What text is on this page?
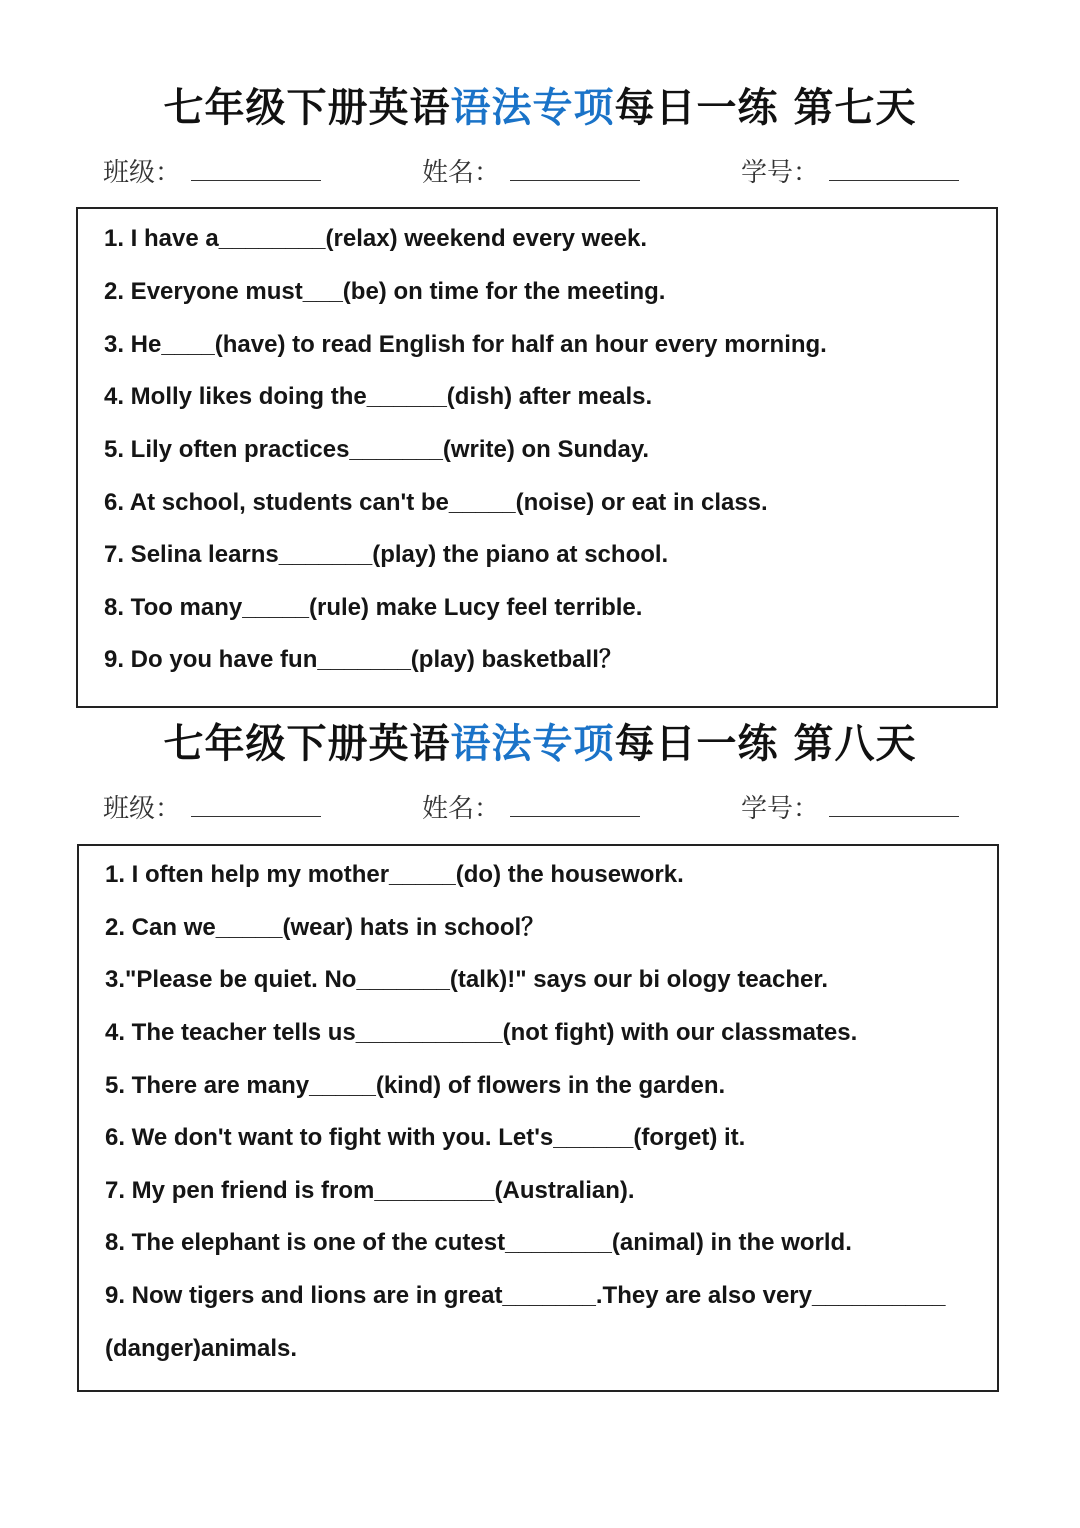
七年级下册英语语法专项每日一练 第七天
班级：	姓名：	学号：
1. I have a________(relax) weekend every week.
2. Everyone must___(be) on time for the meeting.
3. He____(have) to read English for half an hour every morning.
4. Molly likes doing the______(dish) after meals.
5. Lily often practices_______(write) on Sunday.
6. At school, students can't be_____(noise) or eat in class.
7. Selina learns_______(play) the piano at school.
8. Too many_____(rule) make Lucy feel terrible.
9. Do you have fun_______(play) basketball？
七年级下册英语语法专项每日一练 第八天
班级：	姓名：	学号：
1. I often help my mother_____(do) the housework.
2. Can we_____(wear) hats in school？
3."Please be quiet. No_______(talk)!" says our bi ology teacher.
4. The teacher tells us___________(not fight) with our classmates.
5. There are many_____(kind) of flowers in the garden.
6. We don't want to fight with you. Let's______(forget) it.
7. My pen friend is from_________(Australian).
8. The elephant is one of the cutest________(animal) in the world.
9. Now tigers and lions are in great_______.They are also very__________
(danger)animals.
